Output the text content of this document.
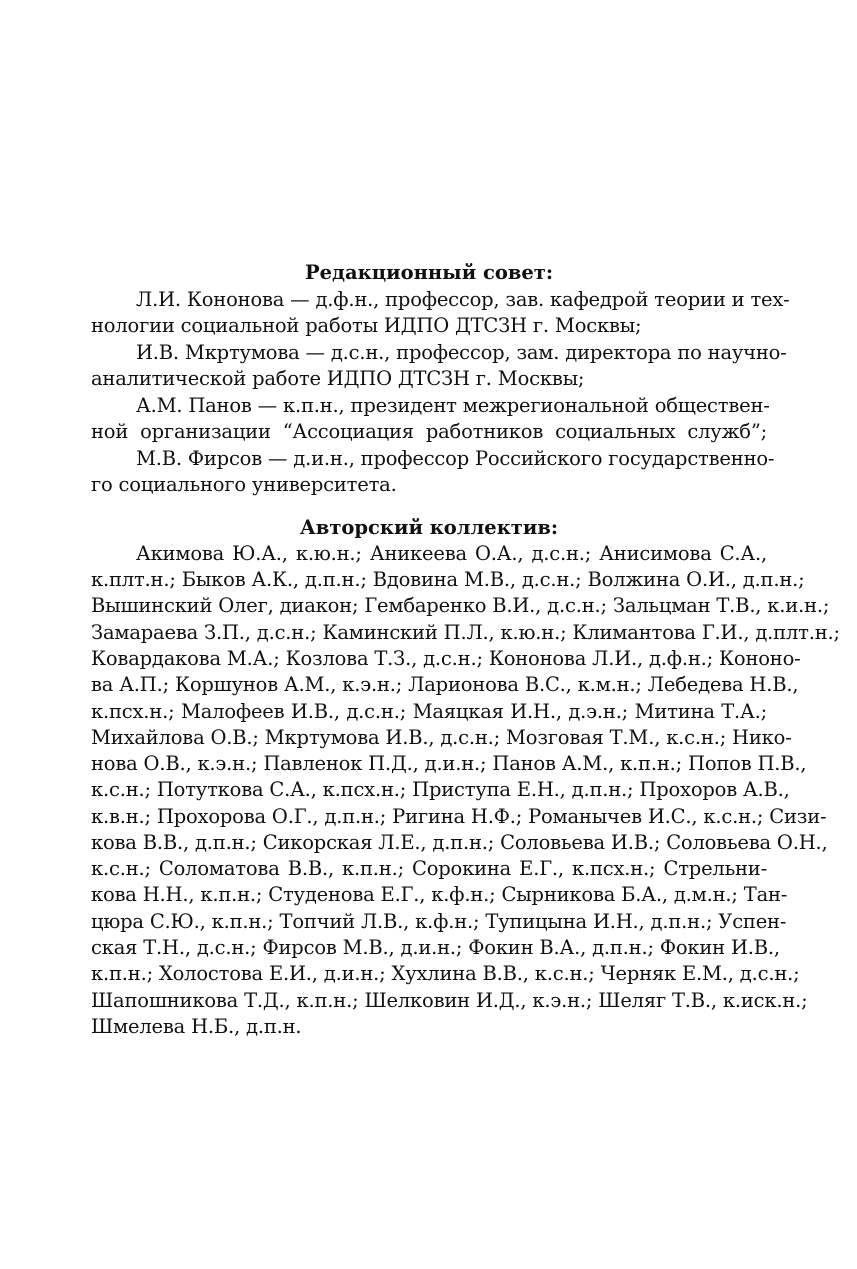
Редакционный совет:
Л.И. Кононова — д.ф.н., профессор, зав. кафедрой теории и тех-
нологии социальной работы ИДПО ДТСЗН г. Москвы;
И.В. Мкртумова — д.с.н., профессор, зам. директора по научно-
аналитической работе ИДПО ДТСЗН г. Москвы;
А.М. Панов — к.п.н., президент межрегиональной обществен-
ной организации “Ассоциация работников социальных служб”;
М.В. Фирсов — д.и.н., профессор Российского государственно-
го социального университета.
Авторский коллектив:
Акимова Ю.А., к.ю.н.; Аникеева О.А., д.с.н.; Анисимова С.А.,
к.плт.н.; Быков А.К., д.п.н.; Вдовина М.В., д.с.н.; Волжина О.И., д.п.н.;
Вышинский Олег, диакон; Гембаренко В.И., д.с.н.; Зальцман Т.В., к.и.н.;
Замараева З.П., д.с.н.; Каминский П.Л., к.ю.н.; Климантова Г.И., д.плт.н.;
Ковардакова М.А.; Козлова Т.З., д.с.н.; Кононова Л.И., д.ф.н.; Кононо-
ва А.П.; Коршунов А.М., к.э.н.; Ларионова В.С., к.м.н.; Лебедева Н.В.,
к.псх.н.; Малофеев И.В., д.с.н.; Маяцкая И.Н., д.э.н.; Митина Т.А.;
Михайлова О.В.; Мкртумова И.В., д.с.н.; Мозговая Т.М., к.с.н.; Нико-
нова О.В., к.э.н.; Павленок П.Д., д.и.н.; Панов А.М., к.п.н.; Попов П.В.,
к.с.н.; Потуткова С.А., к.псх.н.; Приступа Е.Н., д.п.н.; Прохоров А.В.,
к.в.н.; Прохорова О.Г., д.п.н.; Ригина Н.Ф.; Романычев И.С., к.с.н.; Сизи-
кова В.В., д.п.н.; Сикорская Л.Е., д.п.н.; Соловьева И.В.; Соловьева О.Н.,
к.с.н.; Соломатова В.В., к.п.н.; Сорокина Е.Г., к.псх.н.; Стрельни-
кова Н.Н., к.п.н.; Студенова Е.Г., к.ф.н.; Сырникова Б.А., д.м.н.; Тан-
цюра С.Ю., к.п.н.; Топчий Л.В., к.ф.н.; Тупицына И.Н., д.п.н.; Успен-
ская Т.Н., д.с.н.; Фирсов М.В., д.и.н.; Фокин В.А., д.п.н.; Фокин И.В.,
к.п.н.; Холостова Е.И., д.и.н.; Хухлина В.В., к.с.н.; Черняк Е.М., д.с.н.;
Шапошникова Т.Д., к.п.н.; Шелковин И.Д., к.э.н.; Шеляг Т.В., к.иск.н.;
Шмелева Н.Б., д.п.н.
